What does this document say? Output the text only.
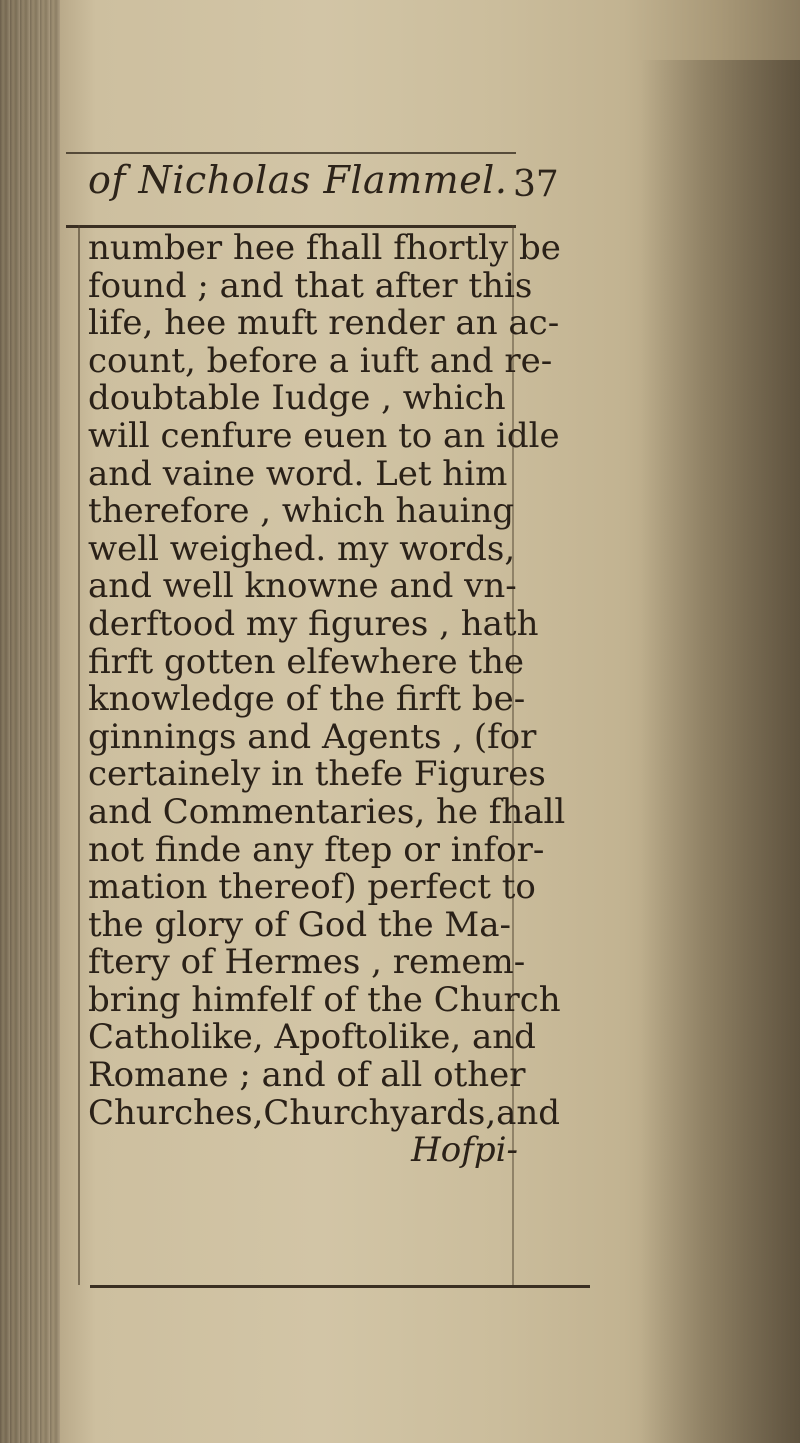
of Nicholas Flammel. 37
number hee fhall fhortly be
found ; and that after this
life, hee muft render an ac-
count, before a iuft and re-
doubtable Iudge , which
will cenfure euen to an idle
and vaine word. Let him
therefore , which hauing
well weighed. my words,
and well knowne and vn-
derftood my figures , hath
firft gotten elfewhere the
knowledge of the firft be-
ginnings and Agents , (for
certainely in thefe Figures
and Commentaries, he fhall
not finde any ftep or infor-
mation thereof) perfect to
the glory of God the Ma-
ftery of Hermes , remem-
bring himfelf of the Church
Catholike, Apoftolike, and
Romane ; and of all other
Churches,Churchyards,and
Hofpi-
